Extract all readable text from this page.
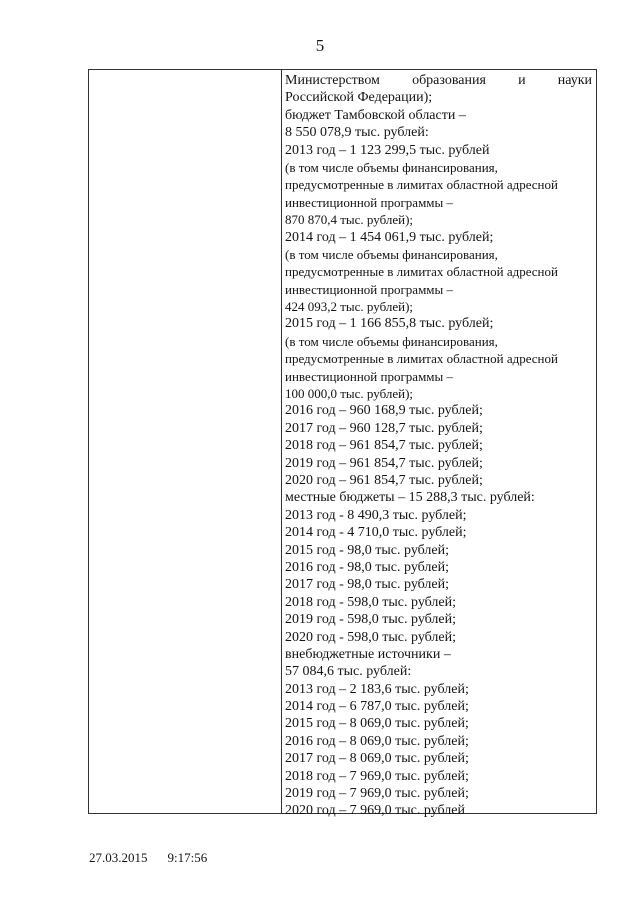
5
Министерством образования и науки
Российской Федерации);
бюджет Тамбовской области –
8 550 078,9 тыс. рублей:
2013 год – 1 123 299,5 тыс. рублей
(в том числе объемы финансирования,
предусмотренные в лимитах областной адресной
инвестиционной программы –
870 870,4 тыс. рублей);
2014 год – 1 454 061,9 тыс. рублей;
(в том числе объемы финансирования,
предусмотренные в лимитах областной адресной
инвестиционной программы –
424 093,2 тыс. рублей);
2015 год – 1 166 855,8 тыс. рублей;
(в том числе объемы финансирования,
предусмотренные в лимитах областной адресной
инвестиционной программы –
100 000,0 тыс. рублей);
2016 год – 960 168,9 тыс. рублей;
2017 год – 960 128,7 тыс. рублей;
2018 год – 961 854,7 тыс. рублей;
2019 год – 961 854,7 тыс. рублей;
2020 год – 961 854,7 тыс. рублей;
местные бюджеты – 15 288,3 тыс. рублей:
2013 год - 8 490,3 тыс. рублей;
2014 год - 4 710,0 тыс. рублей;
2015 год - 98,0 тыс. рублей;
2016 год - 98,0 тыс. рублей;
2017 год - 98,0 тыс. рублей;
2018 год - 598,0 тыс. рублей;
2019 год - 598,0 тыс. рублей;
2020 год - 598,0 тыс. рублей;
внебюджетные источники –
57 084,6 тыс. рублей:
2013 год – 2 183,6 тыс. рублей;
2014 год – 6 787,0 тыс. рублей;
2015 год – 8 069,0 тыс. рублей;
2016 год – 8 069,0 тыс. рублей;
2017 год – 8 069,0 тыс. рублей;
2018 год – 7 969,0 тыс. рублей;
2019 год – 7 969,0 тыс. рублей;
2020 год – 7 969,0 тыс. рублей
27.03.2015 9:17:56
